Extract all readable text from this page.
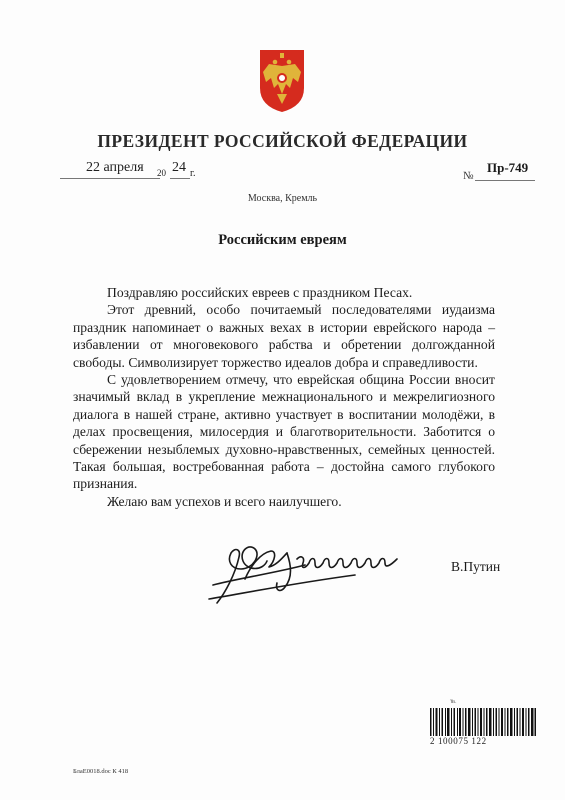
ПРЕЗИДЕНТ РОССИЙСКОЙ ФЕДЕРАЦИИ
22 апреля 20 24 г.	№
Пр-749
Москва, Кремль
Российским евреям

Поздравляю российских евреев с праздником Песах.

Этот древний, особо почитаемый последователями иудаизма праздник напоминает о важных вехах в истории еврейского народа – избавлении от многовекового рабства и обретении долгожданной свободы. Символизирует торжество идеалов добра и справедливости.

С удовлетворением отмечу, что еврейская община России вносит значимый вклад в укрепление межнационального и межрелигиозного диалога в нашей стране, активно участвует в воспитании молодёжи, в делах просвещения, милосердия и благотворительности. Заботится о сбережении незыблемых духовно-нравственных, семейных ценностей. Такая большая, востребованная работа – достойна самого глубокого признания.

Желаю вам успехов и всего наилучшего.

В.Путин
℡
2 100075 122
БлаЕ0018.doc К 418
